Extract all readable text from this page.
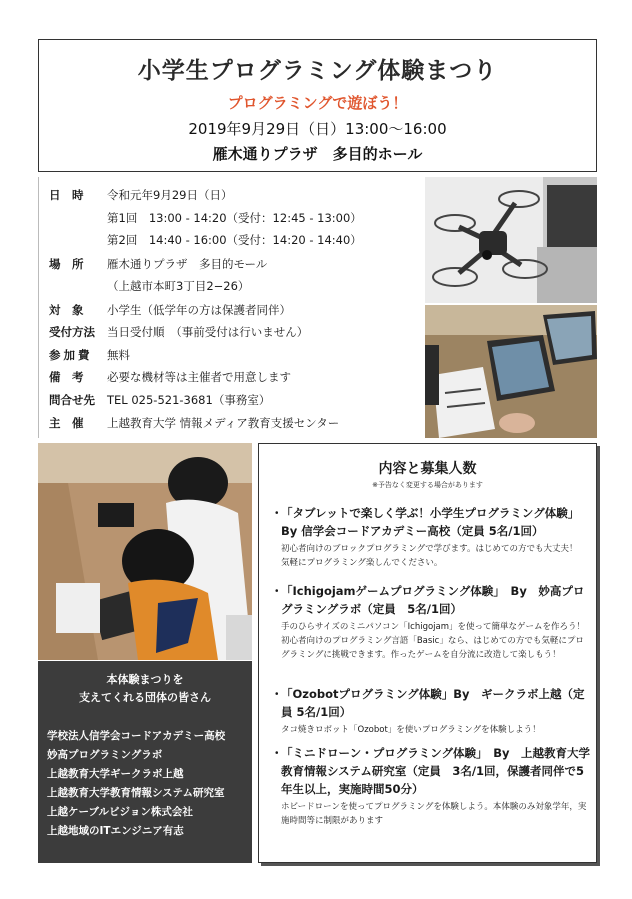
小学生プログラミング体験まつり
プログラミングで遊ぼう！
2019年9月29日（日）13:00〜16:00
雁木通りプラザ　多目的ホール
日　時 令和元年9月29日（日）
第1回　13:00 - 14:20（受付：12:45 - 13:00）
第2回　14:40 - 16:00（受付：14:20 - 14:40）
場　所 雁木通りプラザ　多目的モール
（上越市本町3丁目2−26）
対　象 小学生（低学年の方は保護者同伴）
受付方法 当日受付順　（事前受付は行いません）
参加費 無料
備　考 必要な機材等は主催者で用意します
問合せ先 TEL 025-521-3681（事務室）
主　催 上越教育大学 情報メディア教育支援センター
本体験まつりを
支えてくれる団体の皆さん
学校法人信学会コードアカデミー高校
妙高プログラミングラボ
上越教育大学ギークラボ上越
上越教育大学教育情報システム研究室
上越ケーブルビジョン株式会社
上越地域のITエンジニア有志
内容と募集人数
※予告なく変更する場合があります
・
「タブレットで楽しく学ぶ！小学生プログラミング体験」By 信学会コードアカデミー高校（定員 5名/1回）
初心者向けのブロックプログラミングで学びます。はじめての方でも大丈夫！　気軽にプログラミング楽しんでください。
・
「Ichigojamゲームプログラミング体験」　By　妙高プログラミングラボ（定員　5名/1回）
手のひらサイズのミニパソコン「Ichigojam」を使って簡単なゲームを作ろう！初心者向けのプログラミング言語「Basic」なら、はじめての方でも気軽にプログラミングに挑戦できます。作ったゲームを自分流に改造して楽しもう！
・
「Ozobotプログラミング体験」By　ギークラボ上越（定員 5名/1回）
タコ焼きロボット「Ozobot」を使いプログラミングを体験しよう！
・
「ミニドローン・プログラミング体験」　By　上越教育大学教育情報システム研究室（定員　3名/1回，保護者同伴で5年生以上，実施時間50分）
ホビードローンを使ってプログラミングを体験しよう。本体験のみ対象学年，実施時間等に制限があります
